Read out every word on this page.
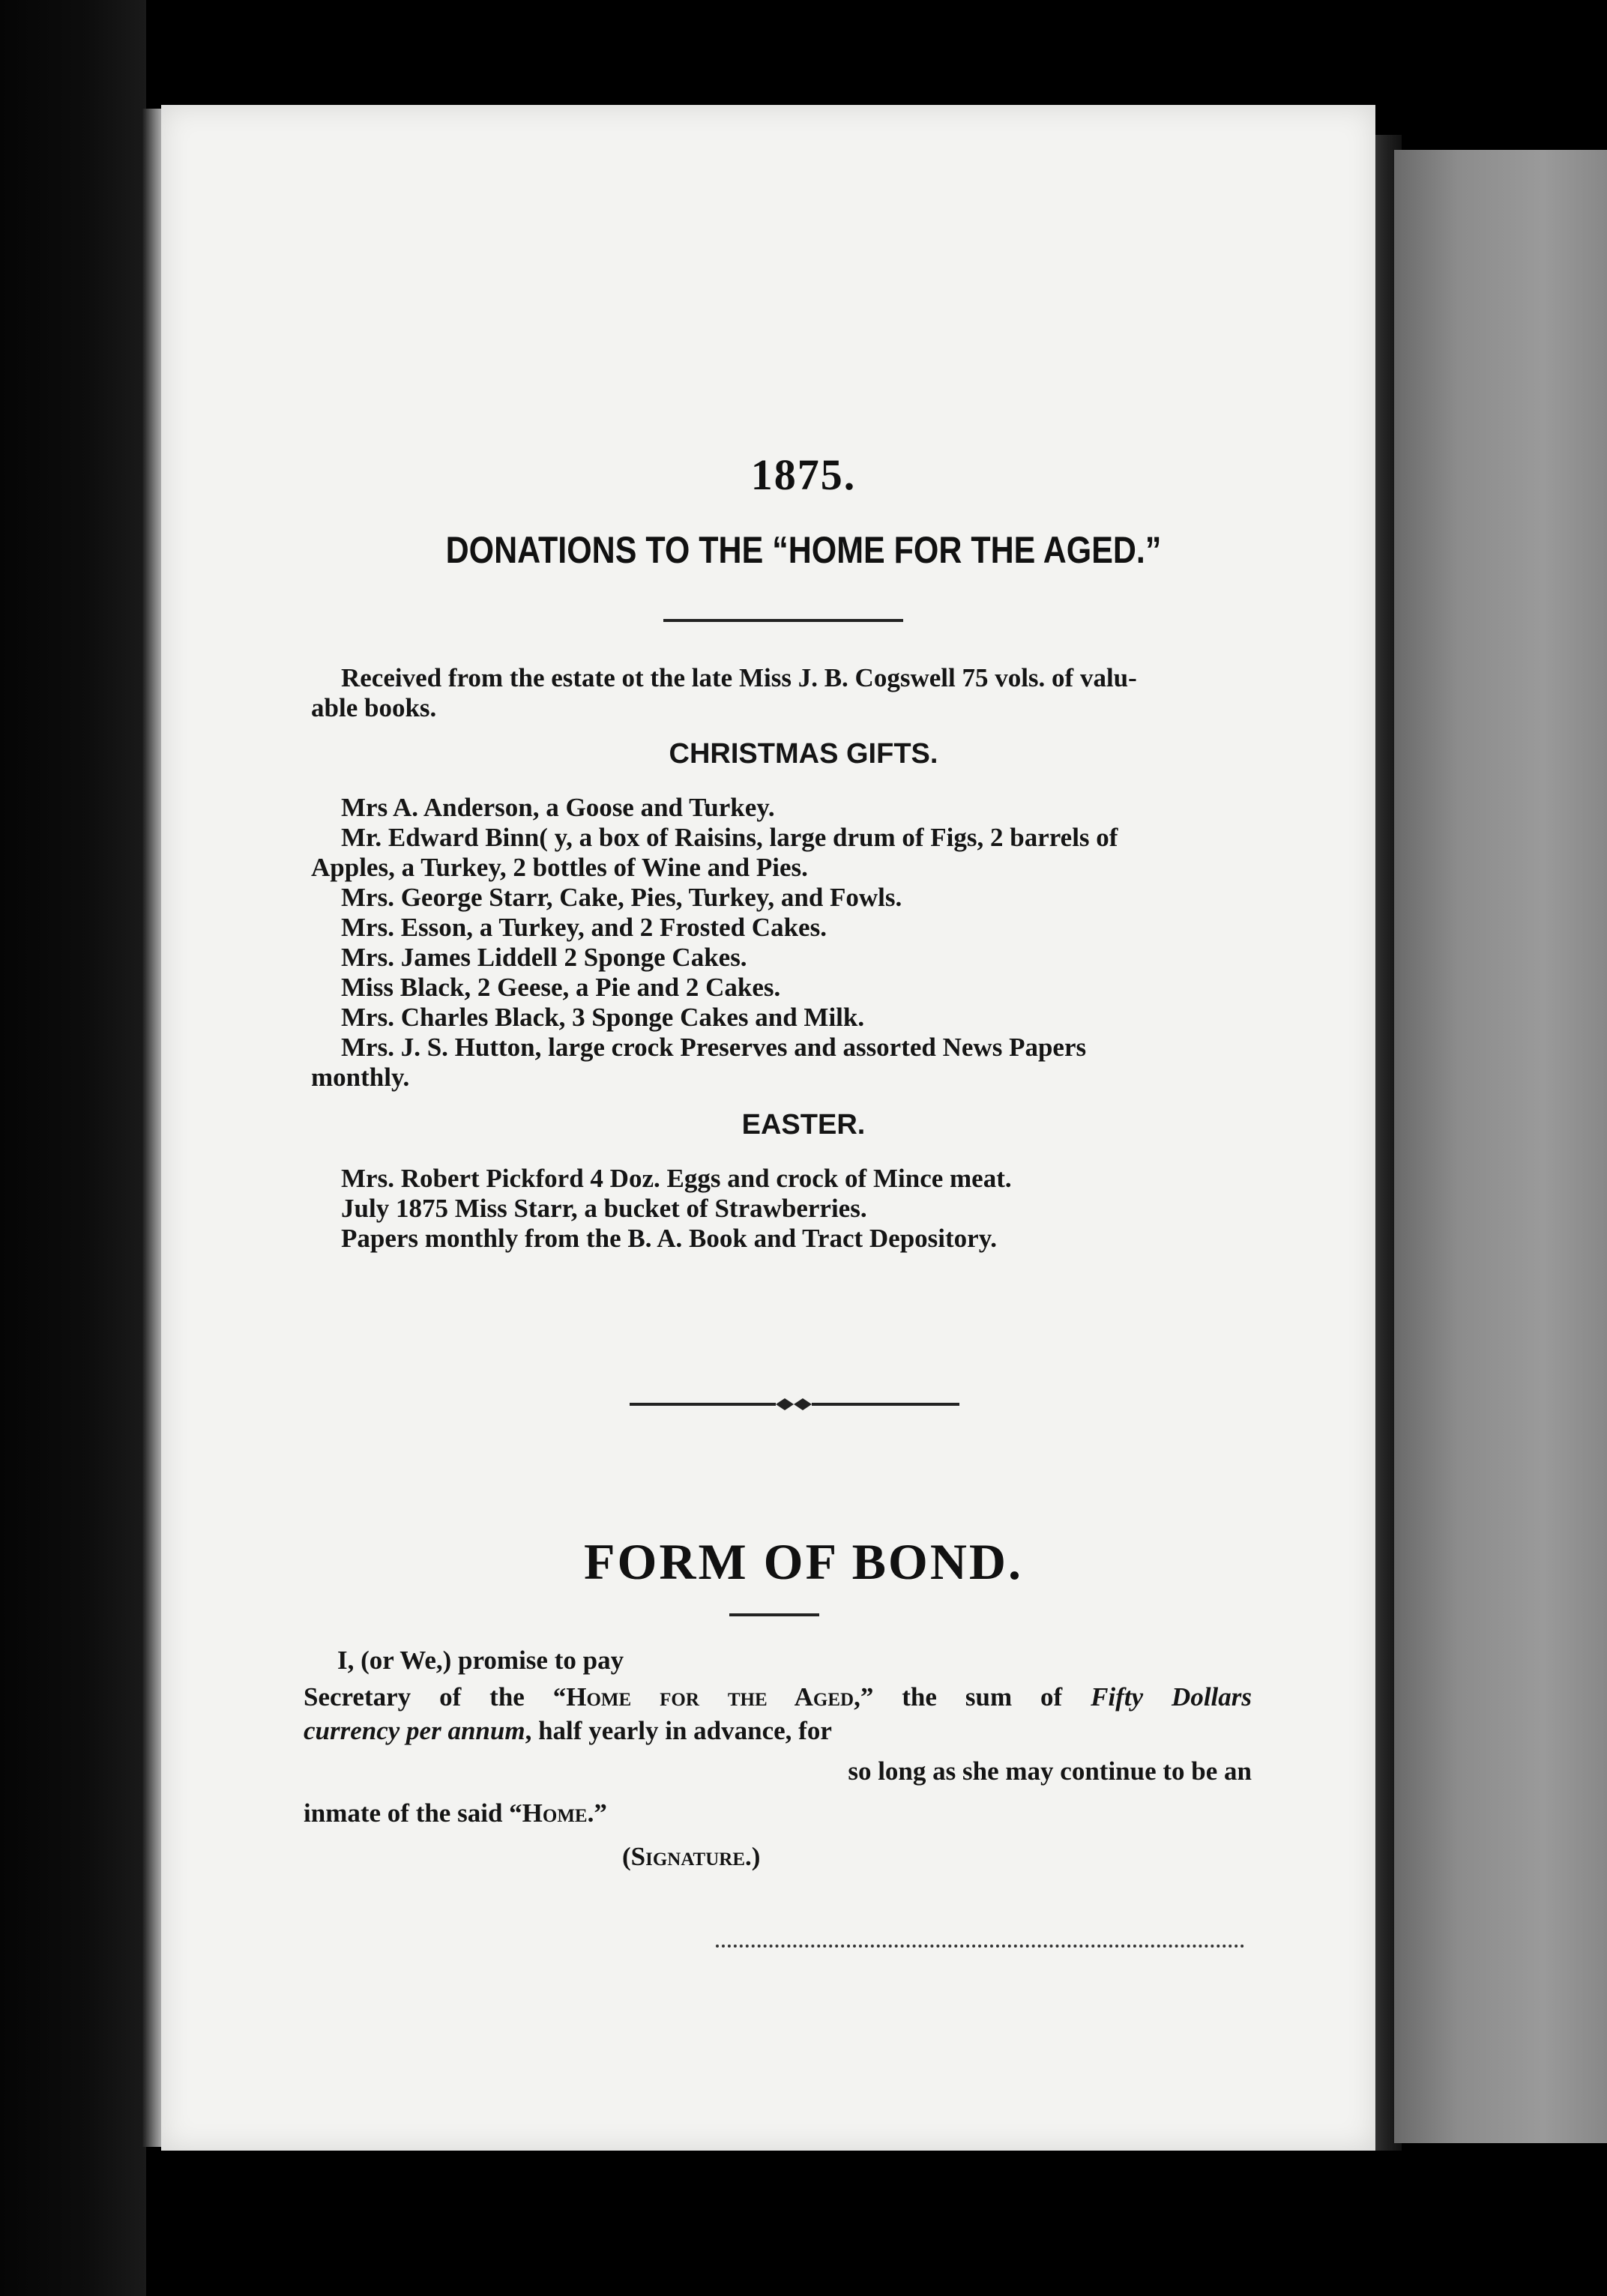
1875.
DONATIONS TO THE “HOME FOR THE AGED.”
Received from the estate ot the late Miss J. B. Cogswell 75 vols. of valu-
able books.
CHRISTMAS GIFTS.
Mrs A. Anderson, a Goose and Turkey.
Mr. Edward Binn( y, a box of Raisins, large drum of Figs, 2 barrels of
Apples, a Turkey, 2 bottles of Wine and Pies.
Mrs. George Starr, Cake, Pies, Turkey, and Fowls.
Mrs. Esson, a Turkey, and 2 Frosted Cakes.
Mrs. James Liddell 2 Sponge Cakes.
Miss Black, 2 Geese, a Pie and 2 Cakes.
Mrs. Charles Black, 3 Sponge Cakes and Milk.
Mrs. J. S. Hutton, large crock Preserves and assorted News Papers
monthly.
EASTER.
Mrs. Robert Pickford 4 Doz. Eggs and crock of Mince meat.
July 1875 Miss Starr, a bucket of Strawberries.
Papers monthly from the B. A. Book and Tract Depository.
FORM OF BOND.
I, (or We,) promise to pay
Secretary of the “Home for the Aged,” the sum of Fifty Dollars
currency per annum, half yearly in advance, for
so long as she may continue to be an
inmate of the said “Home.”
(Signature.)
